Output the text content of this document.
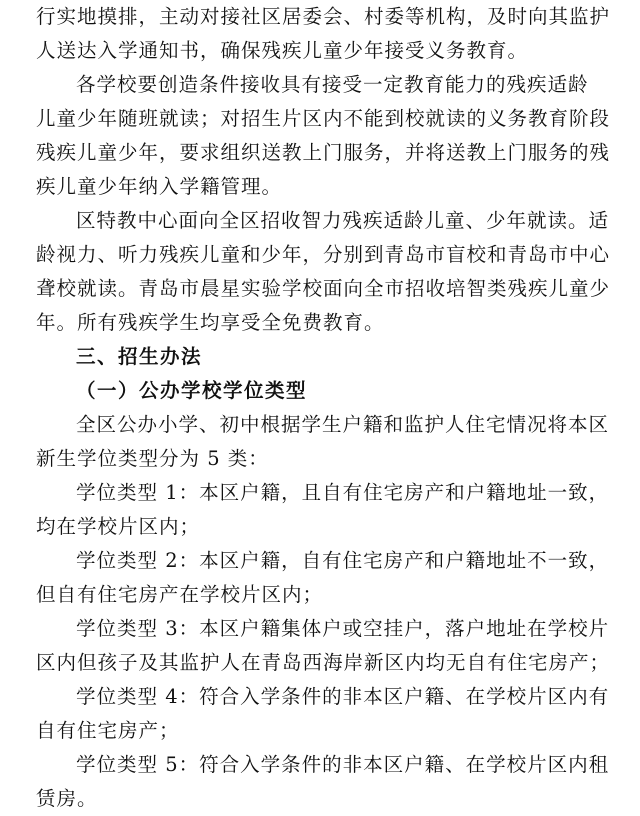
行实地摸排，主动对接社区居委会、村委等机构，及时向其监护
人送达入学通知书，确保残疾儿童少年接受义务教育。
各学校要创造条件接收具有接受一定教育能力的残疾适龄
儿童少年随班就读；对招生片区内不能到校就读的义务教育阶段
残疾儿童少年，要求组织送教上门服务，并将送教上门服务的残
疾儿童少年纳入学籍管理。
区特教中心面向全区招收智力残疾适龄儿童、少年就读。适
龄视力、听力残疾儿童和少年，分别到青岛市盲校和青岛市中心
聋校就读。青岛市晨星实验学校面向全市招收培智类残疾儿童少
年。所有残疾学生均享受全免费教育。
三、招生办法
（一）公办学校学位类型
全区公办小学、初中根据学生户籍和监护人住宅情况将本区
新生学位类型分为 5 类：
学位类型 1：本区户籍，且自有住宅房产和户籍地址一致，
均在学校片区内；
学位类型 2：本区户籍，自有住宅房产和户籍地址不一致，
但自有住宅房产在学校片区内；
学位类型 3：本区户籍集体户或空挂户，落户地址在学校片
区内但孩子及其监护人在青岛西海岸新区内均无自有住宅房产；
学位类型 4：符合入学条件的非本区户籍、在学校片区内有
自有住宅房产；
学位类型 5：符合入学条件的非本区户籍、在学校片区内租
赁房。
